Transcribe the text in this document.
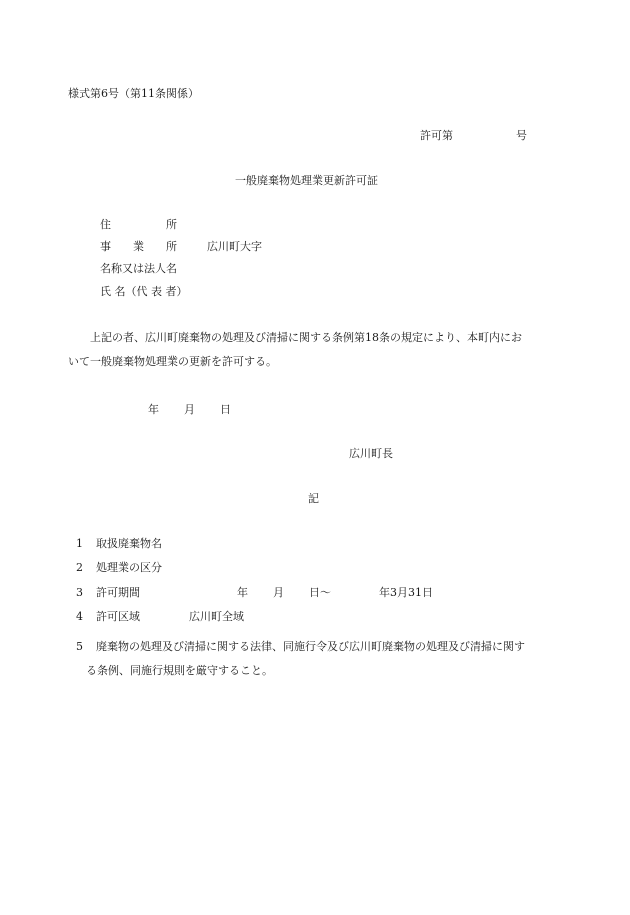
様式第6号（第11条関係）
許可第	号
一般廃棄物処理業更新許可証
住　　　　　所
事　　業　　所	広川町大字
名称又は法人名
氏 名（代 表 者）
上記の者、広川町廃棄物の処理及び清掃に関する条例第18条の規定により、本町内にお
いて一般廃棄物処理業の更新を許可する。
年 月 日
広川町長
記
1 取扱廃棄物名
2 処理業の区分
3 許可期間	年 月 日～	年3月31日
4 許可区域	広川町全域
5 廃棄物の処理及び清掃に関する法律、同施行令及び広川町廃棄物の処理及び清掃に関す
る条例、同施行規則を厳守すること。
